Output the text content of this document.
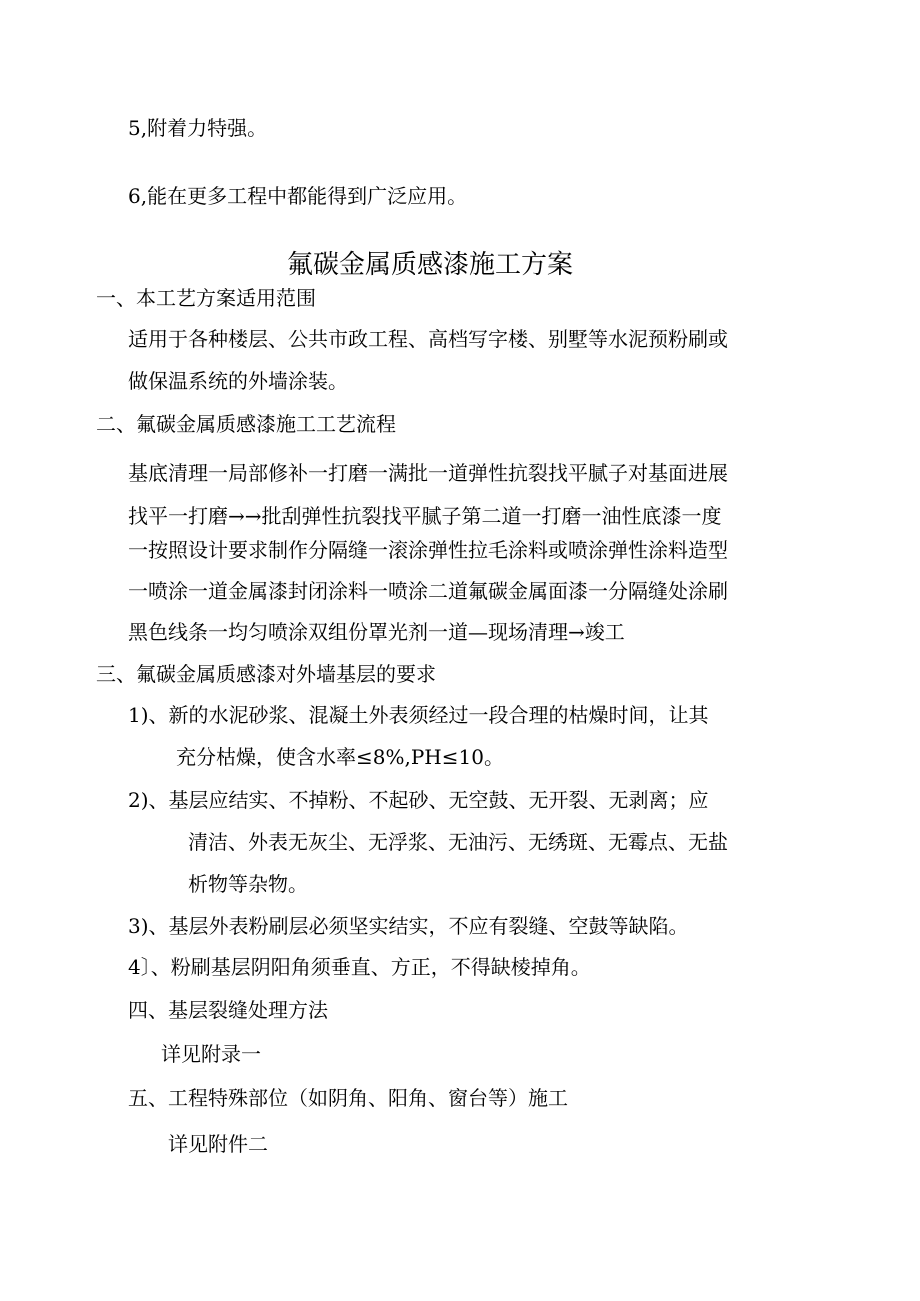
5,附着力特强。
6,能在更多工程中都能得到广泛应用。
氟碳金属质感漆施工方案
一、本工艺方案适用范围
适用于各种楼层、公共市政工程、高档写字楼、别墅等水泥预粉刷或
做保温系统的外墙涂装。
二、氟碳金属质感漆施工工艺流程
基底清理一局部修补一打磨一满批一道弹性抗裂找平腻子对基面进展
找平一打磨→→批刮弹性抗裂找平腻子第二道一打磨一油性底漆一度
一按照设计要求制作分隔缝一滚涂弹性拉毛涂料或喷涂弹性涂料造型
一喷涂一道金属漆封闭涂料一喷涂二道氟碳金属面漆一分隔缝处涂刷
黑色线条一均匀喷涂双组份罩光剂一道—现场清理→竣工
三、氟碳金属质感漆对外墙基层的要求
1)、新的水泥砂浆、混凝土外表须经过一段合理的枯燥时间，让其
充分枯燥，使含水率≤8%,PH≤10。
2)、基层应结实、不掉粉、不起砂、无空鼓、无开裂、无剥离；应
清洁、外表无灰尘、无浮浆、无油污、无绣斑、无霉点、无盐
析物等杂物。
3)、基层外表粉刷层必须坚实结实，不应有裂缝、空鼓等缺陷。
4〕、粉刷基层阴阳角须垂直、方正，不得缺棱掉角。
四、基层裂缝处理方法
详见附录一
五、工程特殊部位（如阴角、阳角、窗台等）施工
详见附件二
